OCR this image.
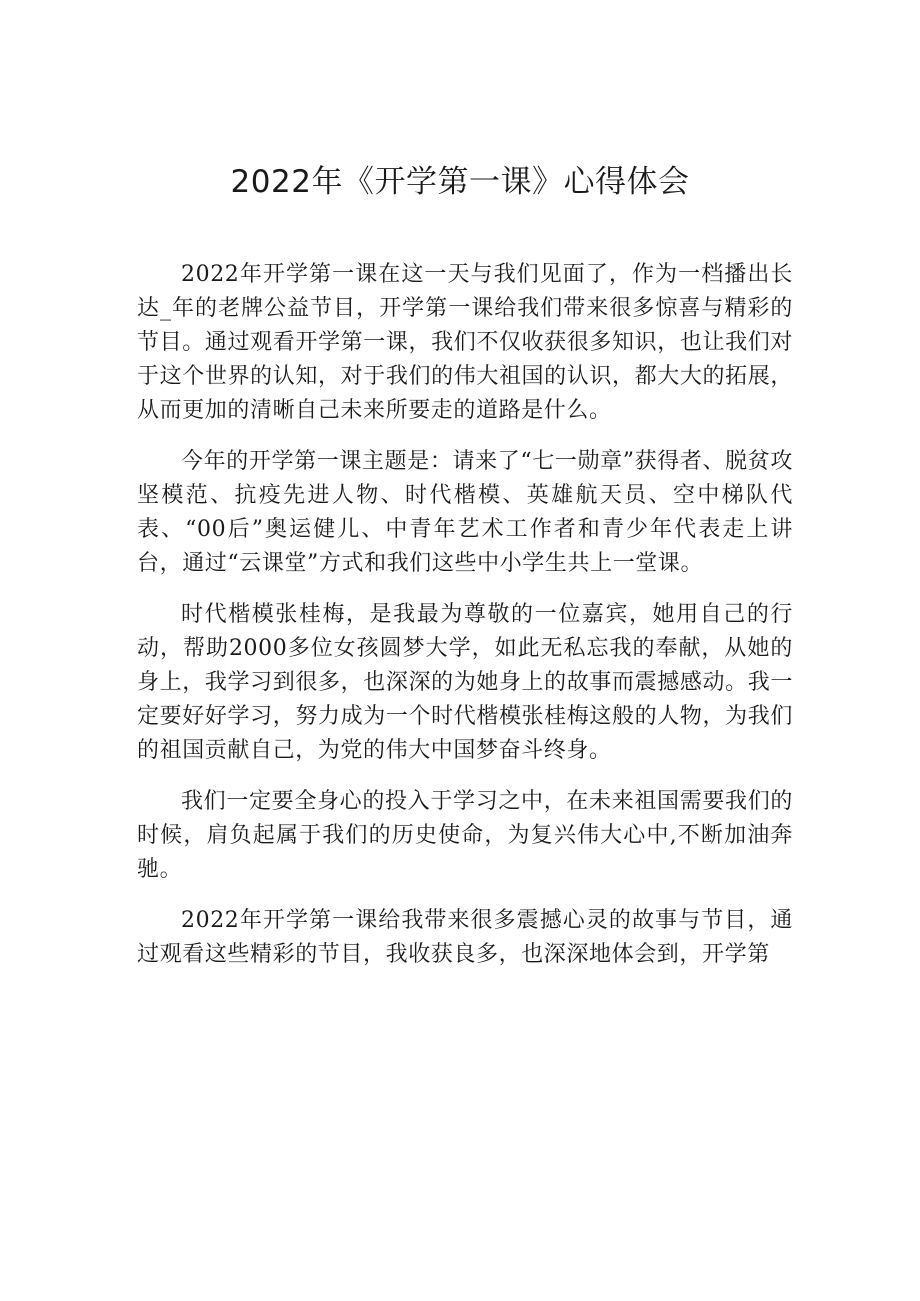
2022年《开学第一课》心得体会

2022年开学第一课在这一天与我们见面了，作为一档播出长达_年的老牌公益节目，开学第一课给我们带来很多惊喜与精彩的节目。通过观看开学第一课，我们不仅收获很多知识，也让我们对于这个世界的认知，对于我们的伟大祖国的认识，都大大的拓展，从而更加的清晰自己未来所要走的道路是什么。

今年的开学第一课主题是：请来了“七一勋章”获得者、脱贫攻坚模范、抗疫先进人物、时代楷模、英雄航天员、空中梯队代表、“00后”奥运健儿、中青年艺术工作者和青少年代表走上讲台，通过“云课堂”方式和我们这些中小学生共上一堂课。

时代楷模张桂梅，是我最为尊敬的一位嘉宾，她用自己的行动，帮助2000多位女孩圆梦大学，如此无私忘我的奉献，从她的身上，我学习到很多，也深深的为她身上的故事而震撼感动。我一定要好好学习，努力成为一个时代楷模张桂梅这般的人物，为我们的祖国贡献自己，为党的伟大中国梦奋斗终身。

我们一定要全身心的投入于学习之中，在未来祖国需要我们的时候，肩负起属于我们的历史使命，为复兴伟大心中,不断加油奔驰。

2022年开学第一课给我带来很多震撼心灵的故事与节目，通过观看这些精彩的节目，我收获良多，也深深地体会到，开学第
